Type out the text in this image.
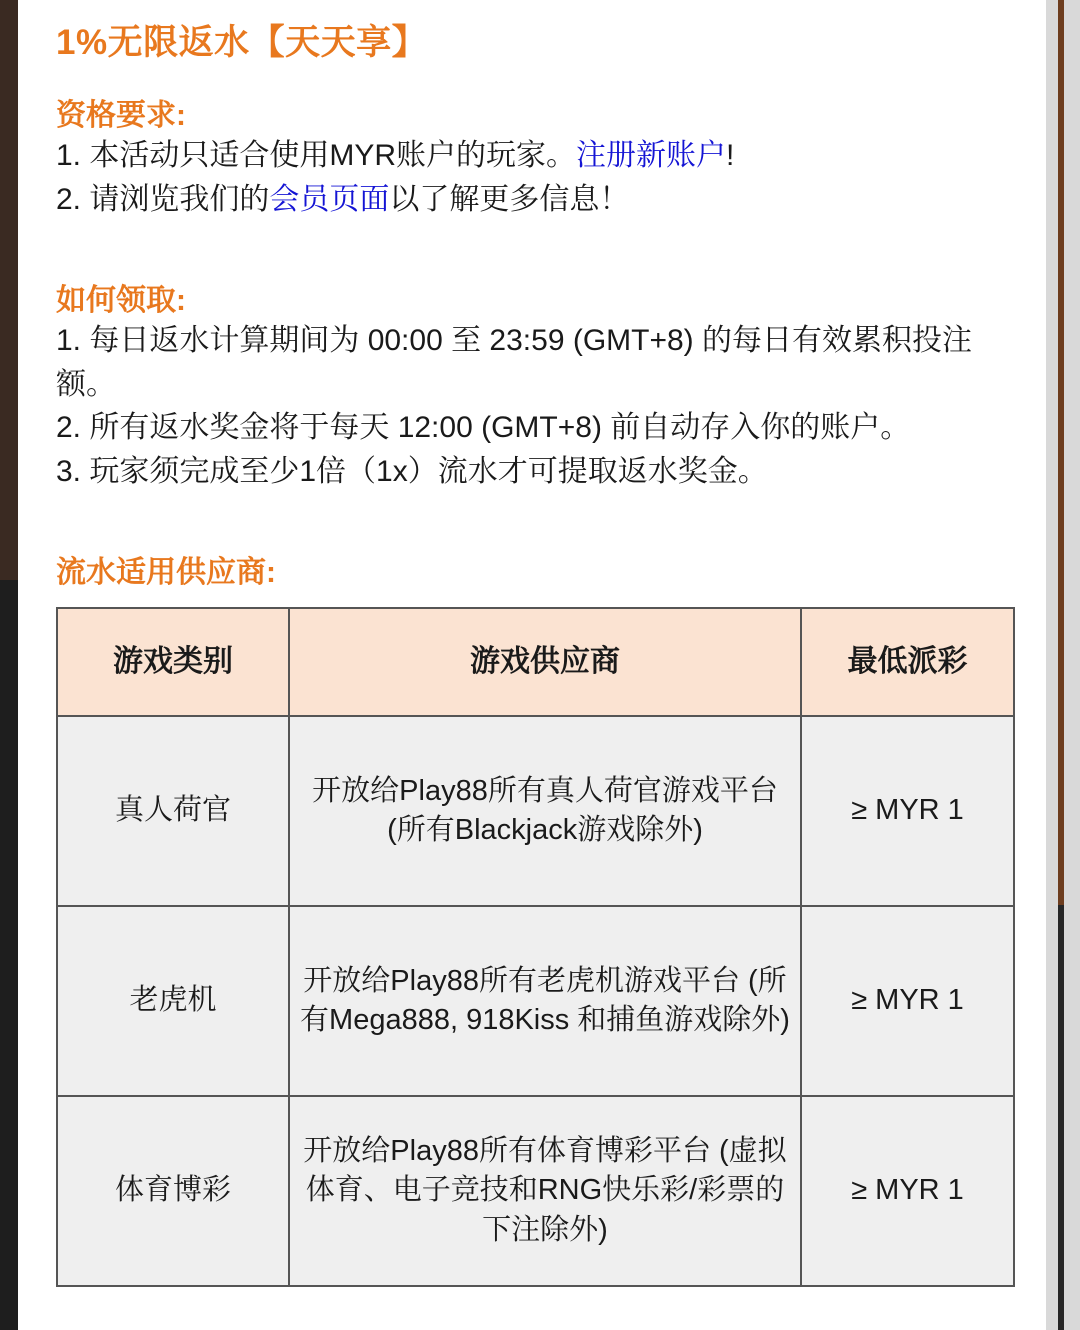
1%无限返水【天天享】
资格要求:
1. 本活动只适合使用MYR账户的玩家。注册新账户!
2. 请浏览我们的会员页面以了解更多信息！
如何领取:
1. 每日返水计算期间为 00:00 至 23:59 (GMT+8) 的每日有效累积投注额。
2. 所有返水奖金将于每天 12:00 (GMT+8) 前自动存入你的账户。
3. 玩家须完成至少1倍（1x）流水才可提取返水奖金。
流水适用供应商:
游戏类别	游戏供应商	最低派彩
真人荷官	开放给Play88所有真人荷官游戏平台 (所有Blackjack游戏除外)	≥ MYR 1
老虎机	开放给Play88所有老虎机游戏平台 (所有Mega888, 918Kiss 和捕鱼游戏除外)	≥ MYR 1
体育博彩	开放给Play88所有体育博彩平台 (虚拟体育、电子竞技和RNG快乐彩/彩票的下注除外)	≥ MYR 1
